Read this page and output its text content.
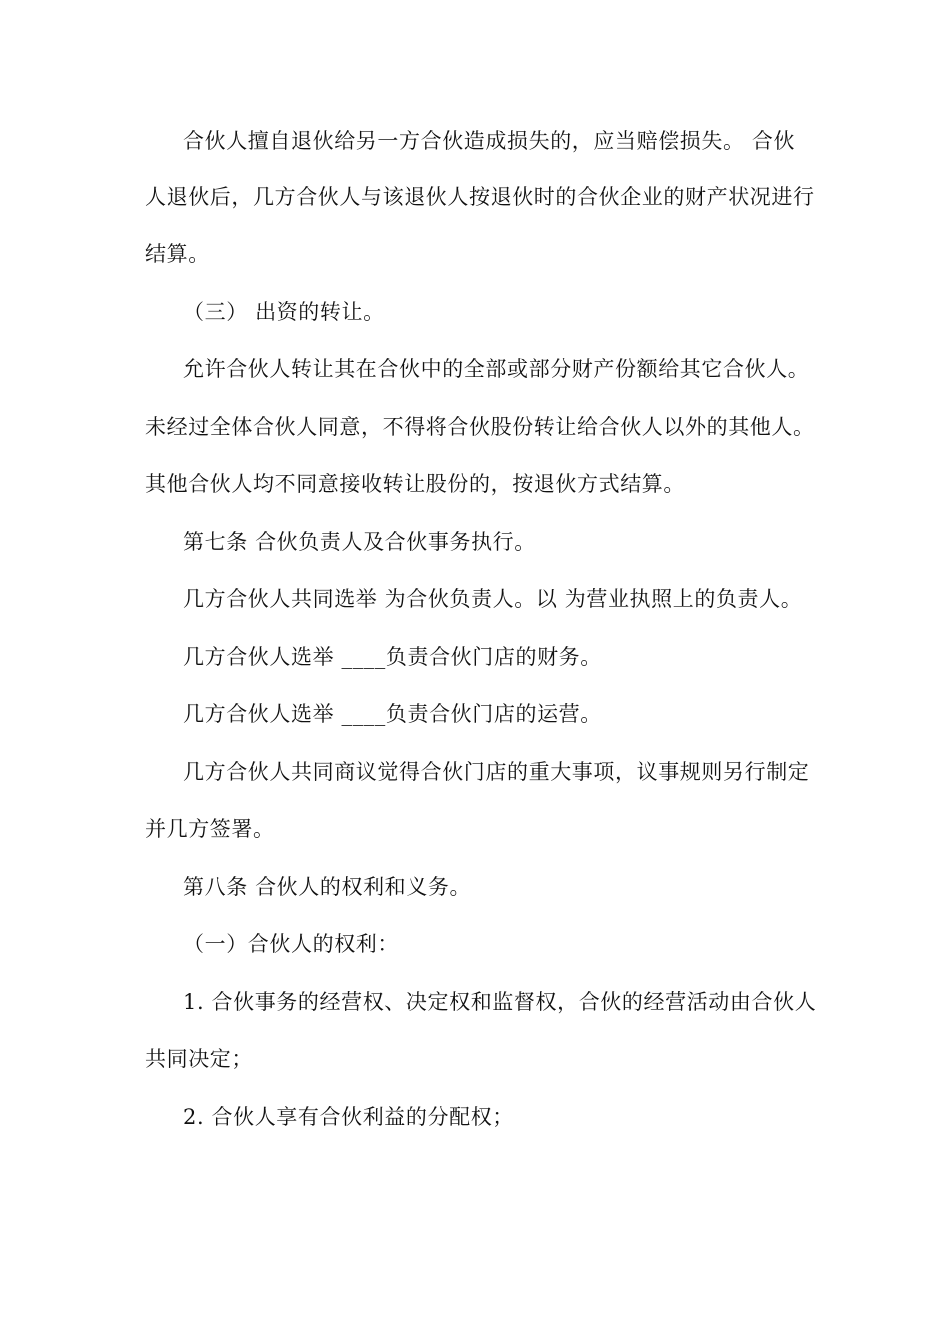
合伙人擅自退伙给另一方合伙造成损失的，应当赔偿损失。 合伙
人退伙后，几方合伙人与该退伙人按退伙时的合伙企业的财产状况进行
结算。
（三） 出资的转让。
允许合伙人转让其在合伙中的全部或部分财产份额给其它合伙人。
未经过全体合伙人同意，不得将合伙股份转让给合伙人以外的其他人。
其他合伙人均不同意接收转让股份的，按退伙方式结算。
第七条 合伙负责人及合伙事务执行。
几方合伙人共同选举 为合伙负责人。以 为营业执照上的负责人。
几方合伙人选举 ____负责合伙门店的财务。
几方合伙人选举 ____负责合伙门店的运营。
几方合伙人共同商议觉得合伙门店的重大事项，议事规则另行制定
并几方签署。
第八条 合伙人的权利和义务。
（一）合伙人的权利：
1. 合伙事务的经营权、决定权和监督权，合伙的经营活动由合伙人
共同决定；
2. 合伙人享有合伙利益的分配权；
